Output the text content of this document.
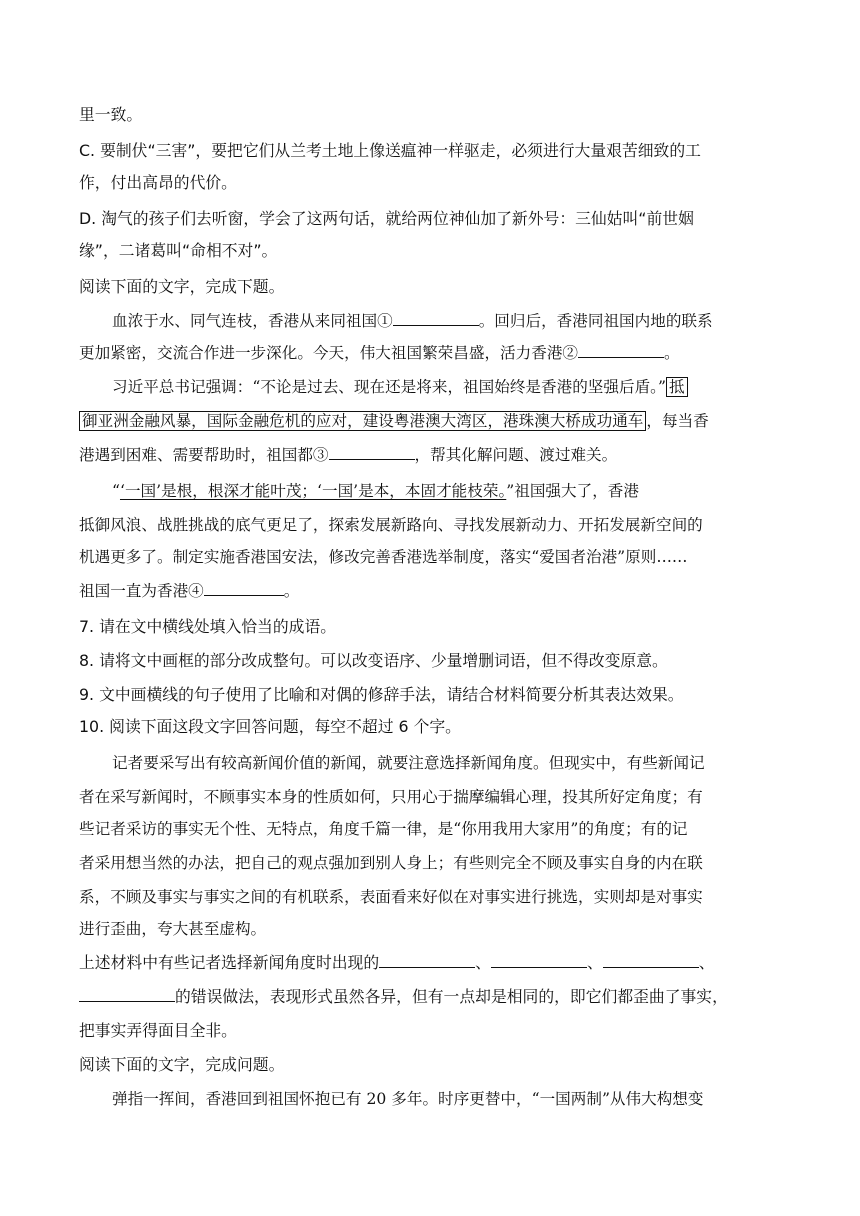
里一致。
C. 要制伏“三害”，要把它们从兰考土地上像送瘟神一样驱走，必须进行大量艰苦细致的工
作，付出高昂的代价。
D. 淘气的孩子们去听窗，学会了这两句话，就给两位神仙加了新外号：三仙姑叫“前世姻
缘”，二诸葛叫“命相不对”。
阅读下面的文字，完成下题。
血浓于水、同气连枝，香港从来同祖国①	。回归后，香港同祖国内地的联系
更加紧密，交流合作进一步深化。今天，伟大祖国繁荣昌盛，活力香港②	。
习近平总书记强调：“不论是过去、现在还是将来，祖国始终是香港的坚强后盾。” 抵
御亚洲金融风暴，国际金融危机的应对，建设粤港澳大湾区，港珠澳大桥成功通车 ，每当香
港遇到困难、需要帮助时，祖国都③	，帮其化解问题、渡过难关。
“‘一国’是根，根深才能叶茂；‘一国’是本，本固才能枝荣。”祖国强大了，香港
抵御风浪、战胜挑战的底气更足了，探索发展新路向、寻找发展新动力、开拓发展新空间的
机遇更多了。制定实施香港国安法，修改完善香港选举制度，落实“爱国者治港”原则……
祖国一直为香港④	。
7. 请在文中横线处填入恰当的成语。
8. 请将文中画框的部分改成整句。可以改变语序、少量增删词语，但不得改变原意。
9. 文中画横线的句子使用了比喻和对偶的修辞手法，请结合材料简要分析其表达效果。
10. 阅读下面这段文字回答问题，每空不超过 6 个字。
记者要采写出有较高新闻价值的新闻，就要注意选择新闻角度。但现实中，有些新闻记
者在采写新闻时，不顾事实本身的性质如何，只用心于揣摩编辑心理，投其所好定角度；有
些记者采访的事实无个性、无特点，角度千篇一律，是“你用我用大家用”的角度；有的记
者采用想当然的办法，把自己的观点强加到别人身上；有些则完全不顾及事实自身的内在联
系，不顾及事实与事实之间的有机联系，表面看来好似在对事实进行挑选，实则却是对事实
进行歪曲，夸大甚至虚构。
上述材料中有些记者选择新闻角度时出现的	、	、	、
的错误做法，表现形式虽然各异，但有一点却是相同的，即它们都歪曲了事实，
把事实弄得面目全非。
阅读下面的文字，完成问题。
弹指一挥间，香港回到祖国怀抱已有 20 多年。时序更替中，“一国两制”从伟大构想变
